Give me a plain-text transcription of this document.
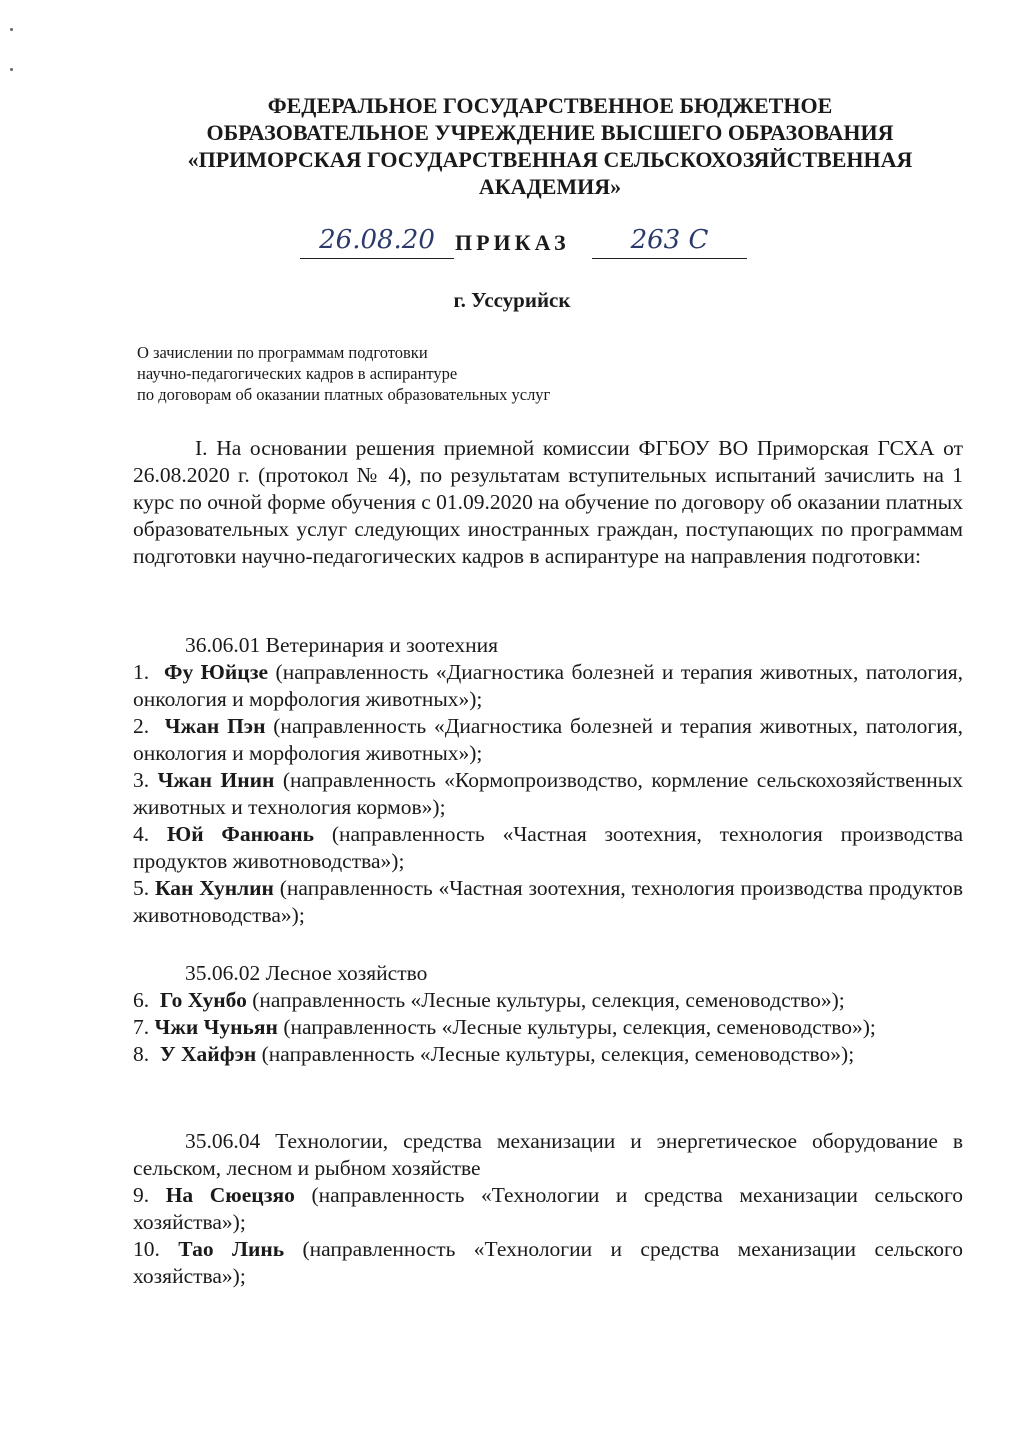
ФЕДЕРАЛЬНОЕ ГОСУДАРСТВЕННОЕ БЮДЖЕТНОЕ
ОБРАЗОВАТЕЛЬНОЕ УЧРЕЖДЕНИЕ ВЫСШЕГО ОБРАЗОВАНИЯ
«ПРИМОРСКАЯ ГОСУДАРСТВЕННАЯ СЕЛЬСКОХОЗЯЙСТВЕННАЯ
АКАДЕМИЯ»
26.08.20 ПРИКАЗ	263 С
г. Уссурийск
О зачислении по программам подготовки
научно-педагогических кадров в аспирантуре
по договорам об оказании платных образовательных услуг
I. На основании решения приемной комиссии ФГБОУ ВО Приморская ГСХА от 26.08.2020 г. (протокол № 4), по результатам вступительных испытаний зачислить на 1 курс по очной форме обучения с 01.09.2020 на обучение по договору об оказании платных образовательных услуг следующих иностранных граждан, поступающих по программам подготовки научно-педагогических кадров в аспирантуре на направления подготовки:
36.06.01 Ветеринария и зоотехния
1. Фу Юйцзе (направленность «Диагностика болезней и терапия животных, патология, онкология и морфология животных»);
2. Чжан Пэн (направленность «Диагностика болезней и терапия животных, патология, онкология и морфология животных»);
3. Чжан Инин (направленность «Кормопроизводство, кормление сельскохозяйственных животных и технология кормов»);
4. Юй Фанюань (направленность «Частная зоотехния, технология производства продуктов животноводства»);
5. Кан Хунлин (направленность «Частная зоотехния, технология производства продуктов животноводства»);
35.06.02 Лесное хозяйство
6. Го Хунбо (направленность «Лесные культуры, селекция, семеноводство»);
7. Чжи Чуньян (направленность «Лесные культуры, селекция, семеноводство»);
8. У Хайфэн (направленность «Лесные культуры, селекция, семеноводство»);
35.06.04 Технологии, средства механизации и энергетическое оборудование в сельском, лесном и рыбном хозяйстве
9. На Сюецзяо (направленность «Технологии и средства механизации сельского хозяйства»);
10. Тао Линь (направленность «Технологии и средства механизации сельского хозяйства»);
